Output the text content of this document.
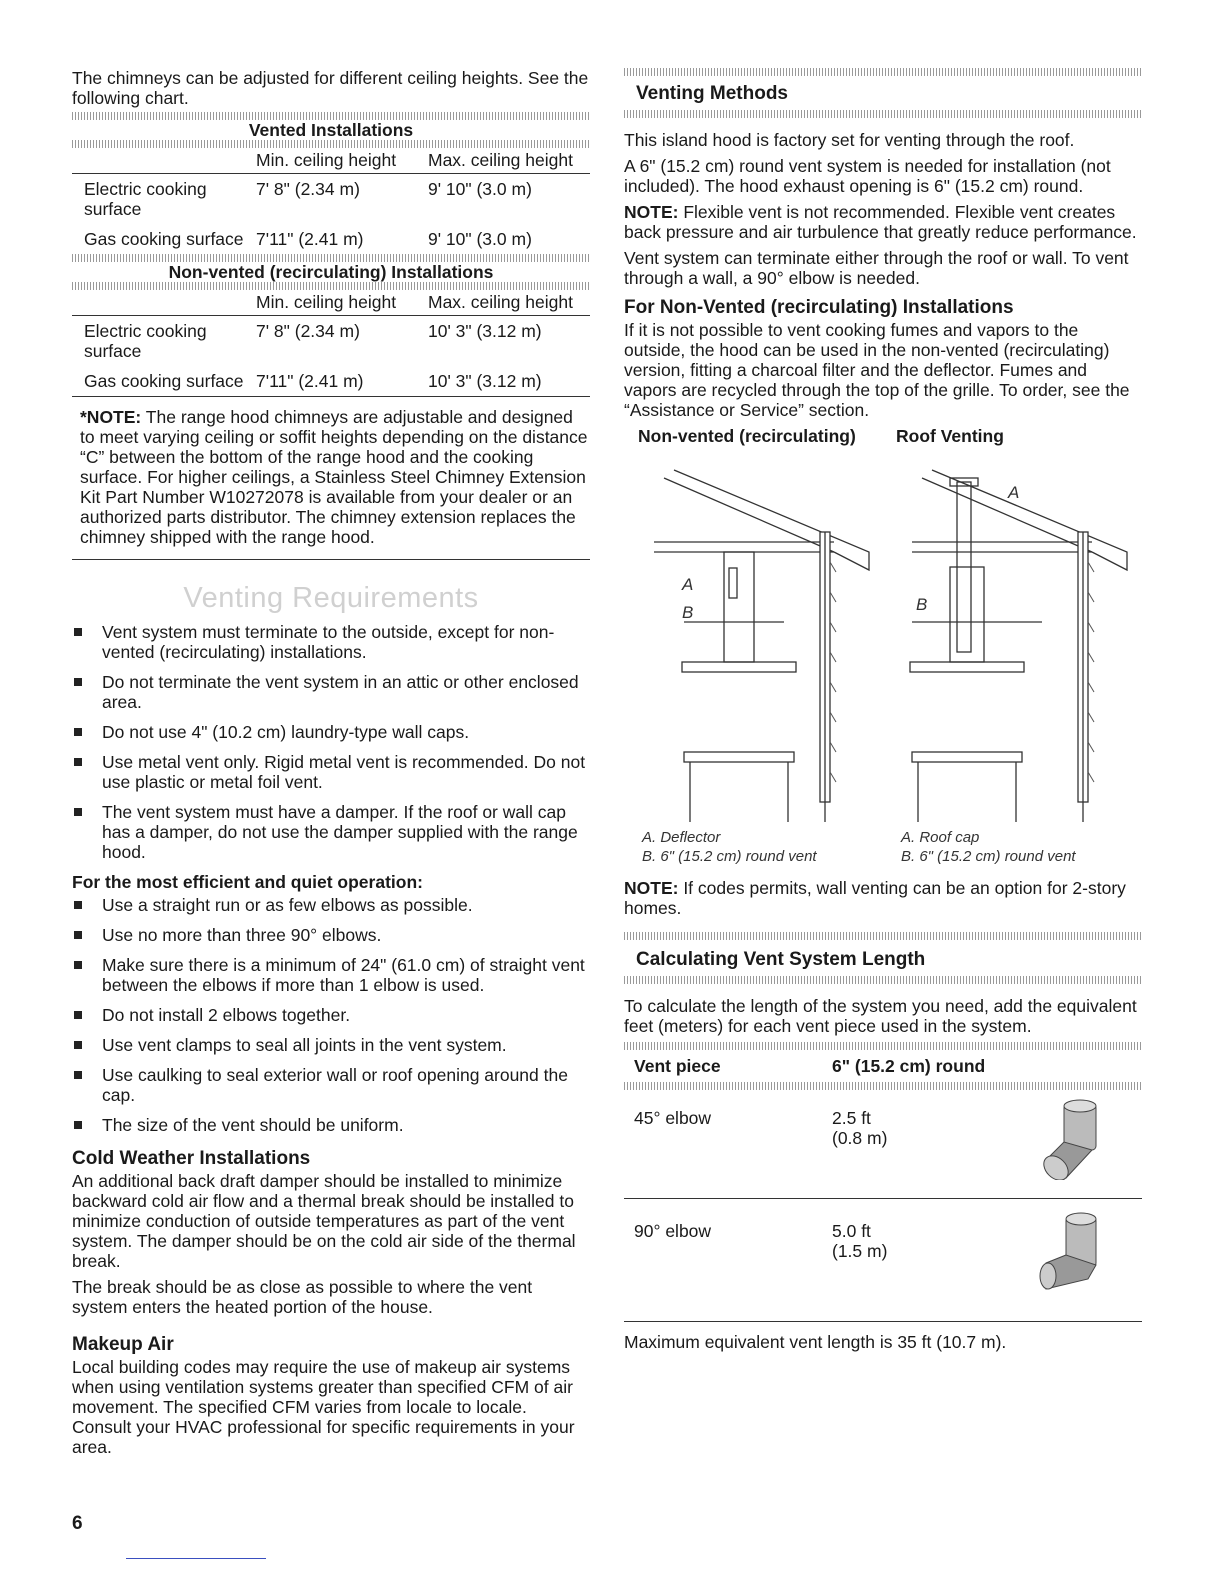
The chimneys can be adjusted for different ceiling heights. See the following chart.

Vented Installations		

	Min. ceiling height	Max. ceiling height
Electric cooking surface	7' 8" (2.34 m)	9' 10" (3.0 m)
Gas cooking surface	7'11" (2.41 m)	9' 10" (3.0 m)

Non-vented (recirculating) Installations		

	Min. ceiling height	Max. ceiling height
Electric cooking surface	7' 8" (2.34 m)	10' 3" (3.12 m)
Gas cooking surface	7'11" (2.41 m)	10' 3" (3.12 m)
*NOTE: The range hood chimneys are adjustable and designed to meet varying ceiling or soffit heights depending on the distance “C” between the bottom of the range hood and the cooking surface. For higher ceilings, a Stainless Steel Chimney Extension Kit Part Number W10272078 is available from your dealer or an authorized parts distributor. The chimney extension replaces the chimney shipped with the range hood.
Venting Requirements
Vent system must terminate to the outside, except for non-vented (recirculating) installations.
Do not terminate the vent system in an attic or other enclosed area.
Do not use 4" (10.2 cm) laundry-type wall caps.
Use metal vent only. Rigid metal vent is recommended. Do not use plastic or metal foil vent.
The vent system must have a damper. If the roof or wall cap has a damper, do not use the damper supplied with the range hood.
For the most efficient and quiet operation:
Use a straight run or as few elbows as possible.
Use no more than three 90° elbows.
Make sure there is a minimum of 24" (61.0 cm) of straight vent between the elbows if more than 1 elbow is used.
Do not install 2 elbows together.
Use vent clamps to seal all joints in the vent system.
Use caulking to seal exterior wall or roof opening around the cap.
The size of the vent should be uniform.
Cold Weather Installations

An additional back draft damper should be installed to minimize backward cold air flow and a thermal break should be installed to minimize conduction of outside temperatures as part of the vent system. The damper should be on the cold air side of the thermal break.

The break should be as close as possible to where the vent system enters the heated portion of the house.

Makeup Air

Local building codes may require the use of makeup air systems when using ventilation systems greater than specified CFM of air movement. The specified CFM varies from locale to locale. Consult your HVAC professional for specific requirements in your area.

Venting Methods

This island hood is factory set for venting through the roof.

A 6" (15.2 cm) round vent system is needed for installation (not included). The hood exhaust opening is 6" (15.2 cm) round.

NOTE: Flexible vent is not recommended. Flexible vent creates back pressure and air turbulence that greatly reduce performance.

Vent system can terminate either through the roof or wall. To vent through a wall, a 90° elbow is needed.

For Non-Vented (recirculating) Installations

If it is not possible to vent cooking fumes and vapors to the outside, the hood can be used in the non-vented (recirculating) version, fitting a charcoal filter and the deflector. Fumes and vapors are recycled through the top of the grille. To order, see the “Assistance or Service” section.

Non-vented (recirculating)	Roof Venting
A
B
A
B
A. Deflector
B. 6" (15.2 cm) round vent
A. Roof cap
B. 6" (15.2 cm) round vent

NOTE: If codes permits, wall venting can be an option for 2-story homes.

Calculating Vent System Length

To calculate the length of the system you need, add the equivalent feet (meters) for each vent piece used in the system.

Vent piece	6" (15.2 cm) round	

45° elbow	2.5 ft
(0.8 m)

90° elbow	5.0 ft
(1.5 m)

Maximum equivalent vent length is 35 ft (10.7 m).

6
